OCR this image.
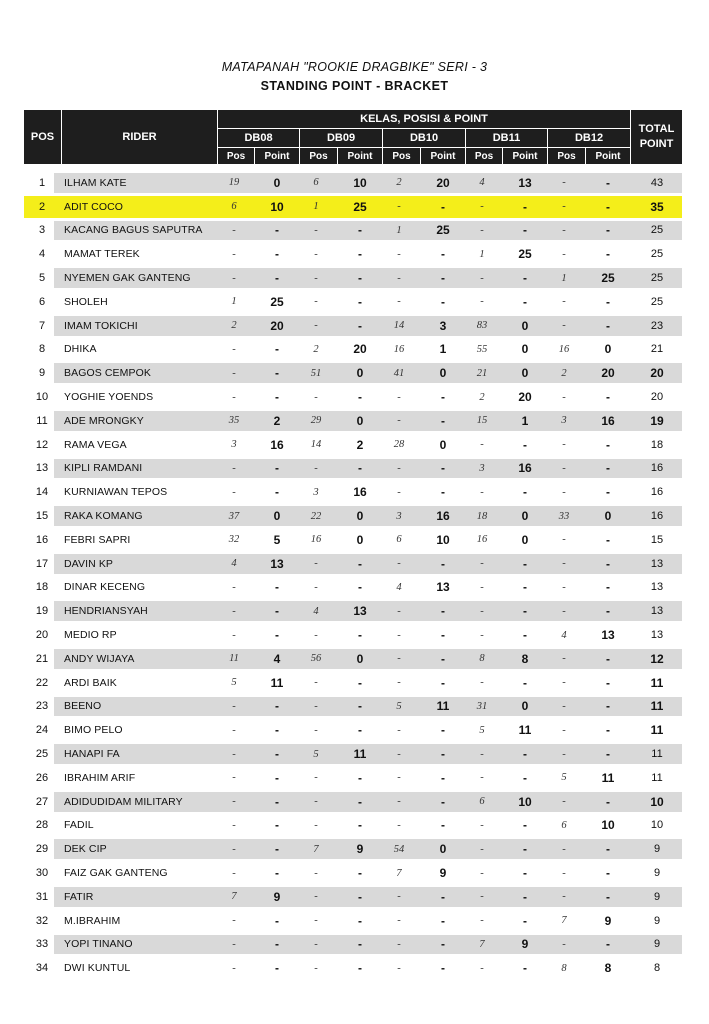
MATAPANAH "ROOKIE DRAGBIKE" SERI - 3
STANDING POINT - BRACKET
POS	RIDER
KELAS, POSISI & POINT
DB08	DB09	DB10	DB11	DB12
Pos	Point	Pos	Point	Pos	Point	Pos	Point	Pos	Point
TOTAL
POINT
1	ILHAM KATE	19	0	6	10	2	20	4	13	-	-	43
2	ADIT COCO	6	10	1	25	-	-	-	-	-	-	35
3	KACANG BAGUS SAPUTRA	-	-	-	-	1	25	-	-	-	-	25
4	MAMAT TEREK	-	-	-	-	-	-	1	25	-	-	25
5	NYEMEN GAK GANTENG	-	-	-	-	-	-	-	-	1	25	25
6	SHOLEH	1	25	-	-	-	-	-	-	-	-	25
7	IMAM TOKICHI	2	20	-	-	14	3	83	0	-	-	23
8	DHIKA	-	-	2	20	16	1	55	0	16	0	21
9	BAGOS CEMPOK	-	-	51	0	41	0	21	0	2	20	20
10	YOGHIE YOENDS	-	-	-	-	-	-	2	20	-	-	20
11	ADE MRONGKY	35	2	29	0	-	-	15	1	3	16	19
12	RAMA VEGA	3	16	14	2	28	0	-	-	-	-	18
13	KIPLI RAMDANI	-	-	-	-	-	-	3	16	-	-	16
14	KURNIAWAN TEPOS	-	-	3	16	-	-	-	-	-	-	16
15	RAKA KOMANG	37	0	22	0	3	16	18	0	33	0	16
16	FEBRI SAPRI	32	5	16	0	6	10	16	0	-	-	15
17	DAVIN KP	4	13	-	-	-	-	-	-	-	-	13
18	DINAR KECENG	-	-	-	-	4	13	-	-	-	-	13
19	HENDRIANSYAH	-	-	4	13	-	-	-	-	-	-	13
20	MEDIO RP	-	-	-	-	-	-	-	-	4	13	13
21	ANDY WIJAYA	11	4	56	0	-	-	8	8	-	-	12
22	ARDI BAIK	5	11	-	-	-	-	-	-	-	-	11
23	BEENO	-	-	-	-	5	11	31	0	-	-	11
24	BIMO PELO	-	-	-	-	-	-	5	11	-	-	11
25	HANAPI FA	-	-	5	11	-	-	-	-	-	-	11
26	IBRAHIM ARIF	-	-	-	-	-	-	-	-	5	11	11
27	ADIDUDIDAM MILITARY	-	-	-	-	-	-	6	10	-	-	10
28	FADIL	-	-	-	-	-	-	-	-	6	10	10
29	DEK CIP	-	-	7	9	54	0	-	-	-	-	9
30	FAIZ GAK GANTENG	-	-	-	-	7	9	-	-	-	-	9
31	FATIR	7	9	-	-	-	-	-	-	-	-	9
32	M.IBRAHIM	-	-	-	-	-	-	-	-	7	9	9
33	YOPI TINANO	-	-	-	-	-	-	7	9	-	-	9
34	DWI KUNTUL	-	-	-	-	-	-	-	-	8	8	8
